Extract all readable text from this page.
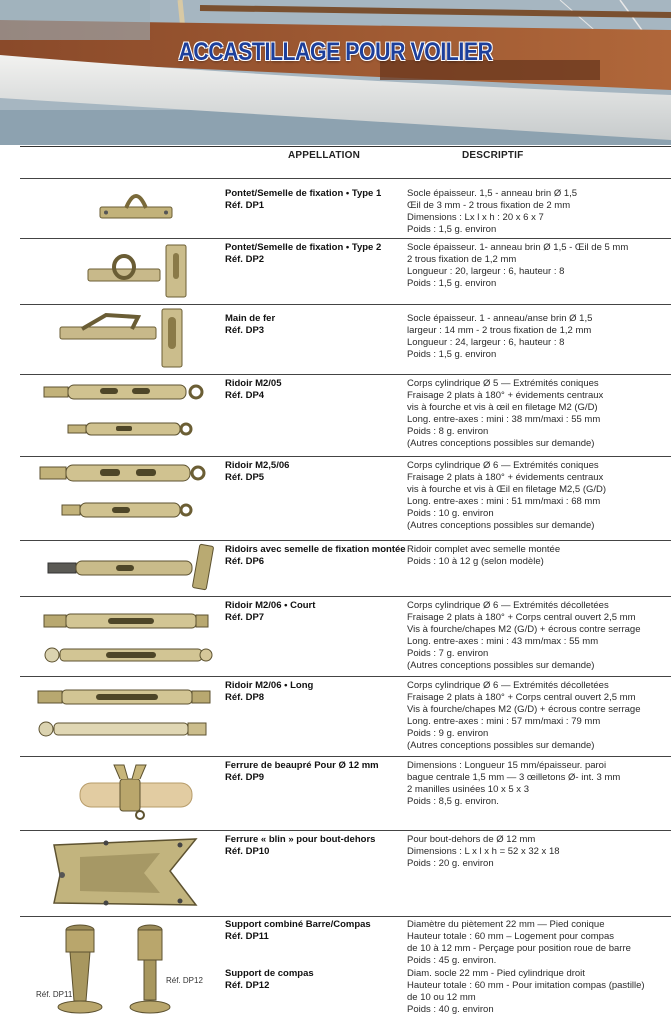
ACCASTILLAGE POUR VOILIER
APPELLATION	DESCRIPTIF
Pontet/Semelle de fixation • Type 1
Réf. DP1
Socle épaisseur. 1,5 - anneau brin Ø 1,5
Œil de 3 mm - 2 trous fixation de 2 mm
Dimensions : Lx l x h : 20 x 6 x 7
Poids : 1,5 g. environ
Pontet/Semelle de fixation • Type 2
Réf. DP2
Socle épaisseur. 1- anneau brin Ø 1,5 - Œil de 5 mm
2 trous fixation de 1,2 mm
Longueur : 20, largeur : 6, hauteur : 8
Poids : 1,5 g. environ
Main de fer
Réf. DP3
Socle épaisseur. 1 - anneau/anse brin Ø 1,5
largeur : 14 mm - 2 trous fixation de 1,2 mm
Longueur : 24, largeur : 6, hauteur : 8
Poids : 1,5 g. environ
Ridoir M2/05
Réf. DP4
Corps cylindrique Ø 5 — Extrémités coniques
Fraisage 2 plats à 180° + évidements centraux
vis à fourche et vis à œil en filetage M2 (G/D)
Long. entre-axes : mini : 38 mm/maxi : 55 mm
Poids : 8 g. environ
(Autres conceptions possibles sur demande)
Ridoir M2,5/06
Réf. DP5
Corps cylindrique Ø 6 — Extrémités coniques
Fraisage 2 plats à 180° + évidements centraux
vis à fourche et vis à Œil en filetage M2,5 (G/D)
Long. entre-axes : mini : 51 mm/maxi : 68 mm
Poids : 10 g. environ
(Autres conceptions possibles sur demande)
Ridoirs avec semelle de fixation montée
Réf. DP6
Ridoir complet avec semelle montée
Poids : 10 à 12 g (selon modèle)
Ridoir M2/06 • Court
Réf. DP7
Corps cylindrique Ø 6 — Extrémités décolletées
Fraisage 2 plats à 180° + Corps central ouvert 2,5 mm
Vis à fourche/chapes M2 (G/D) + écrous contre serrage
Long. entre-axes : mini : 43 mm/max : 55 mm
Poids : 7 g. environ
(Autres conceptions possibles sur demande)
Ridoir M2/06 • Long
Réf. DP8
Corps cylindrique Ø 6 — Extrémités décolletées
Fraisage 2 plats à 180° + Corps central ouvert 2,5 mm
Vis à fourche/chapes M2 (G/D) + écrous contre serrage
Long. entre-axes : mini : 57 mm/maxi : 79 mm
Poids : 9 g. environ
(Autres conceptions possibles sur demande)
Ferrure de beaupré Pour Ø 12 mm
Réf. DP9
Dimensions : Longueur 15 mm/épaisseur. paroi
bague centrale 1,5 mm — 3 œilletons Ø- int. 3 mm
2 manilles usinées 10 x 5 x 3
Poids : 8,5 g. environ.
Ferrure « blin » pour bout-dehors
Réf. DP10
Pour bout-dehors de Ø 12 mm
Dimensions : L x l x h = 52 x 32 x 18
Poids : 20 g. environ
Réf. DP11
Réf. DP12
Support combiné Barre/Compas
Réf. DP11
Diamètre du piètement 22 mm — Pied conique
Hauteur totale : 60 mm – Logement pour compas
de 10 à 12 mm - Perçage pour position roue de barre
Poids : 45 g. environ.
Support de compas
Réf. DP12
Diam. socle 22 mm - Pied cylindrique droit
Hauteur totale : 60 mm - Pour imitation compas (pastille)
de 10 ou 12 mm
Poids : 40 g. environ
